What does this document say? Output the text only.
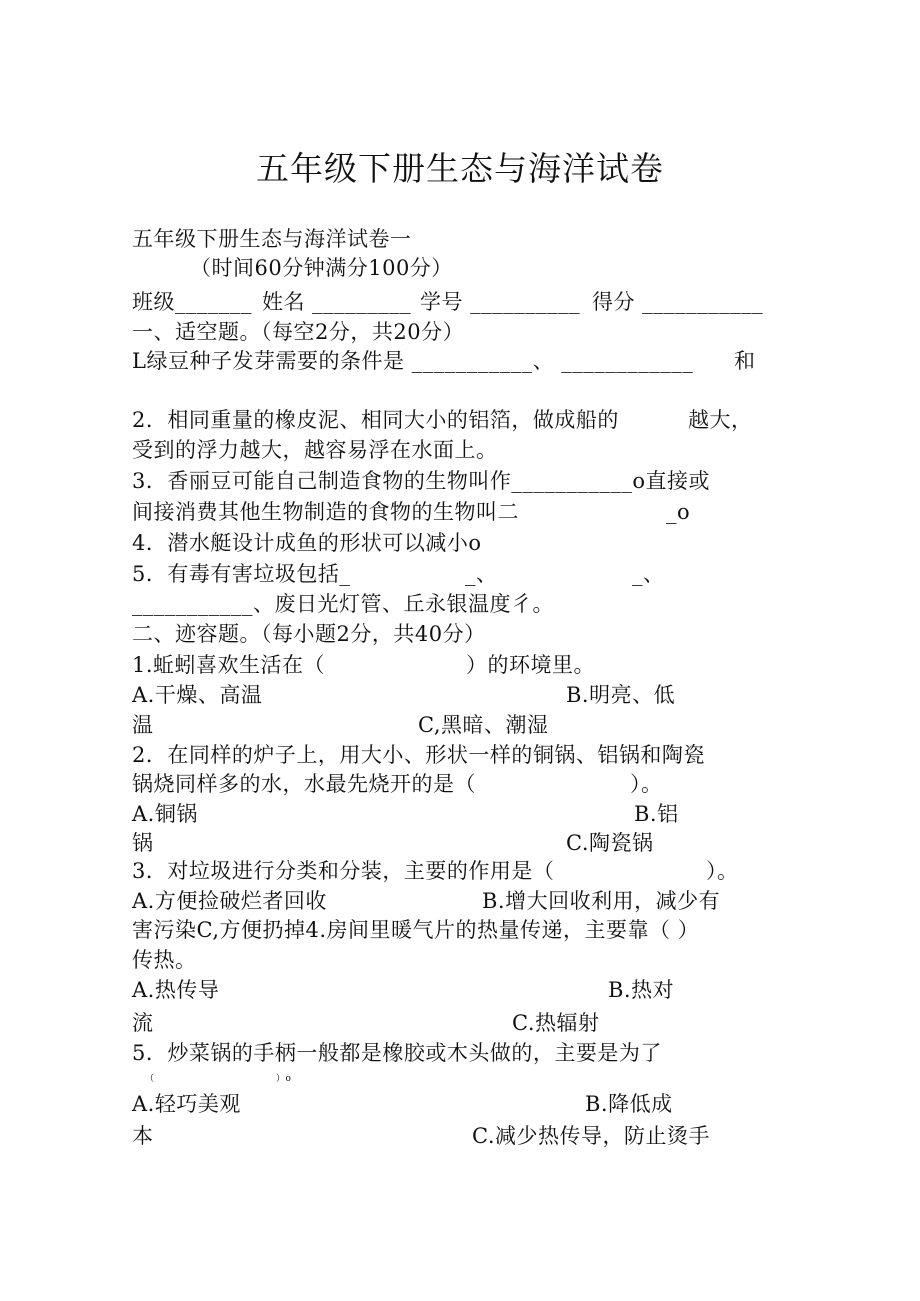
五年级下册生态与海洋试卷
五年级下册生态与海洋试卷一
（时间60分钟满分100分）
班级_______ 姓名 _________ 学号 __________ 得分 ___________
一、适空题。（每空2分，共20分）
L绿豆种子发芽需要的条件是 ___________、 ____________ 和
2．相同重量的橡皮泥、相同大小的铝箔，做成船的	越大，
受到的浮力越大，越容易浮在水面上。
3．香丽豆可能自己制造食物的生物叫作___________o直接或
间接消费其他生物制造的食物的生物叫二	_o
4．潜水艇设计成鱼的形状可以减小o
5．有毒有害垃圾包括_	_、	_、
___________、废日光灯管、丘永银温度彳。
二、迹容题。（每小题2分，共40分）
1.蚯蚓喜欢生活在（	）的环境里。
A.干燥、高温	B.明亮、低
温	C,黑暗、潮湿
2．在同样的炉子上，用大小、形状一样的铜锅、铝锅和陶瓷
锅烧同样多的水，水最先烧开的是（	）。
A.铜锅	B.铝
锅	C.陶瓷锅
3．对垃圾进行分类和分装，主要的作用是（	）。
A.方便捡破烂者回收	B.增大回收利用，减少有
害污染C,方便扔掉4.房间里暖气片的热量传递，主要靠（ ）
传热。
A.热传导	B.热对
流	C.热辐射
5．炒菜锅的手柄一般都是橡胶或木头做的，主要是为了
（	）o
A.轻巧美观	B.降低成
本	C.减少热传导，防止烫手
